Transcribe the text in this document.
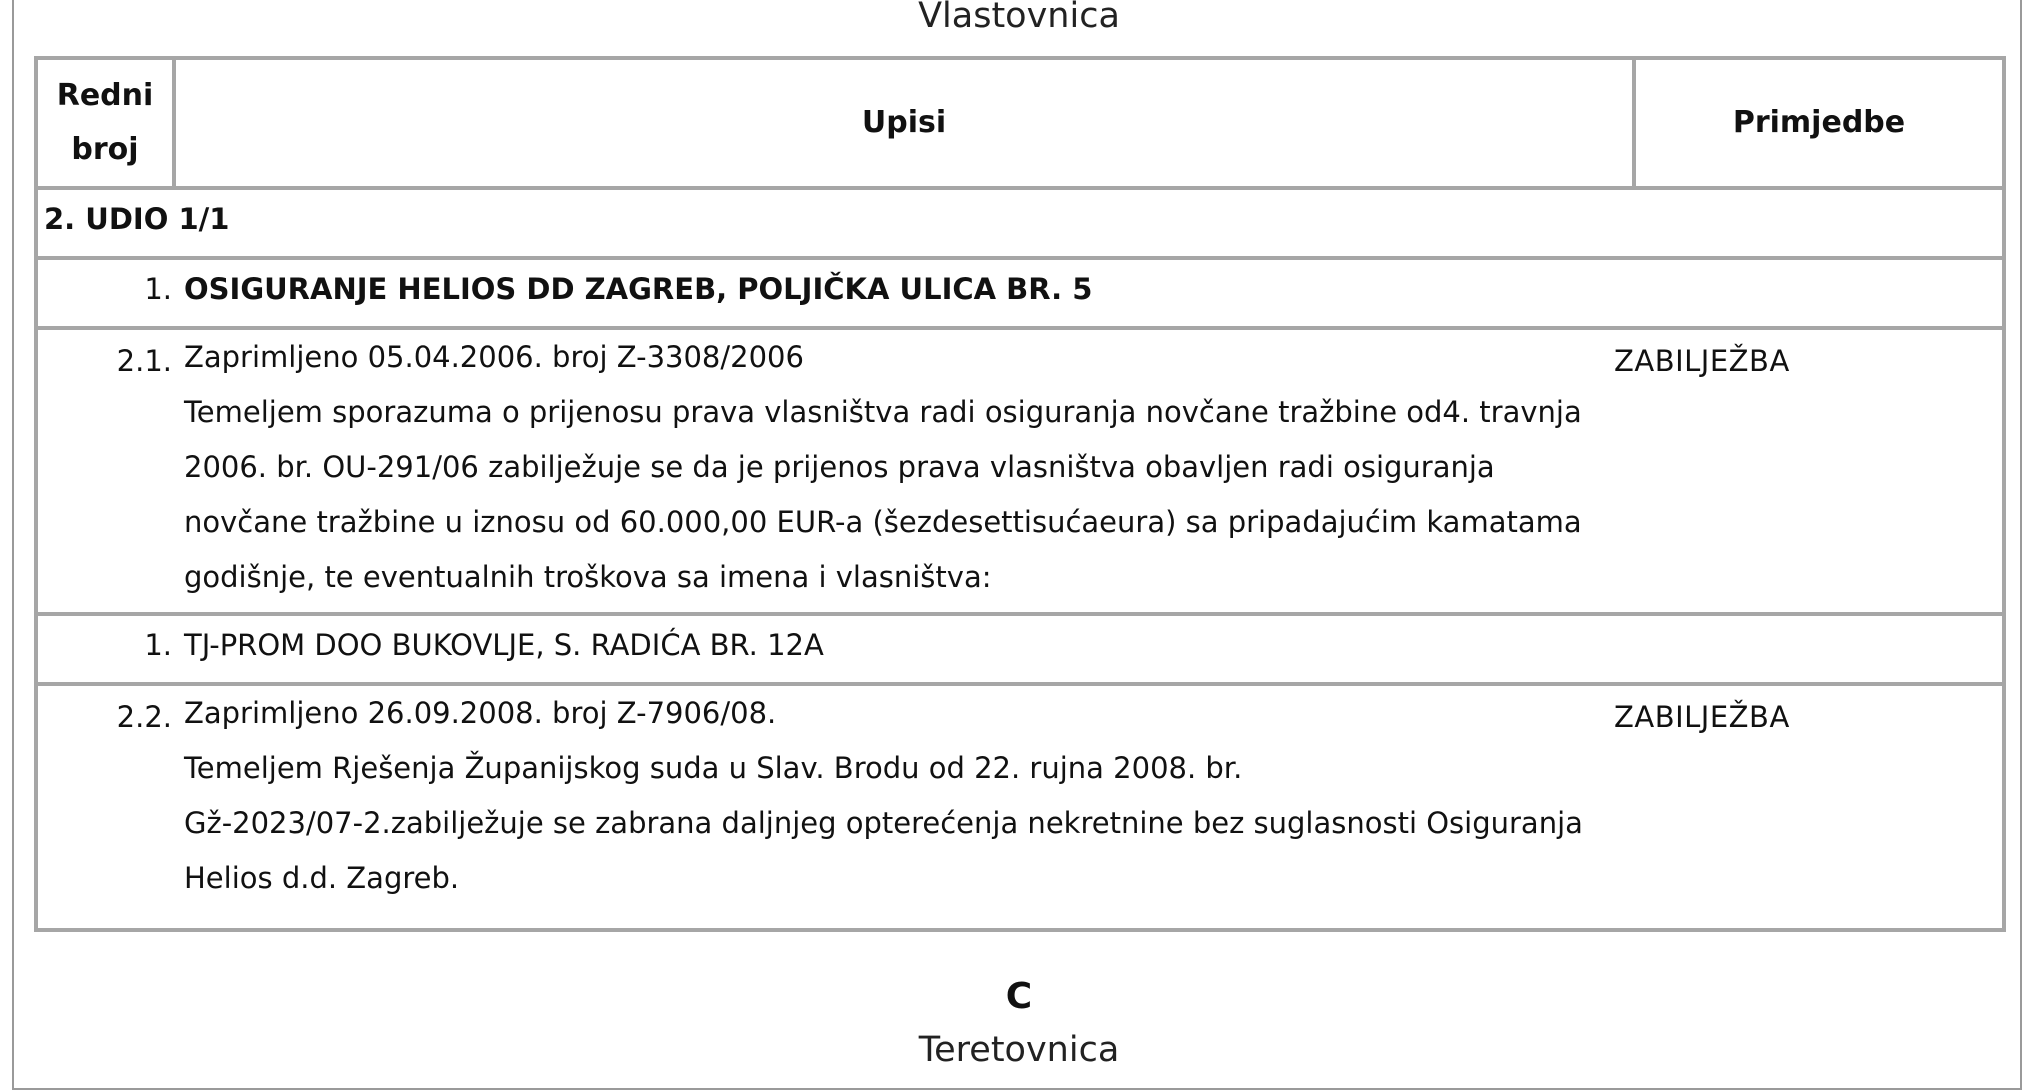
Vlastovnica
Redni
broj
Upisi	Primjedbe
2. UDIO 1/1
1. OSIGURANJE HELIOS DD ZAGREB, POLJIČKA ULICA BR. 5
2.1. Zaprimljeno 05.04.2006. broj Z-3308/2006
Temeljem sporazuma o prijenosu prava vlasništva radi osiguranja novčane tražbine od4. travnja
2006. br. OU-291/06 zabilježuje se da je prijenos prava vlasništva obavljen radi osiguranja
novčane tražbine u iznosu od 60.000,00 EUR-a (šezdesettisućaeura) sa pripadajućim kamatama
godišnje, te eventualnih troškova sa imena i vlasništva:
ZABILJEŽBA
1. TJ-PROM DOO BUKOVLJE, S. RADIĆA BR. 12A
2.2. Zaprimljeno 26.09.2008. broj Z-7906/08.
Temeljem Rješenja Županijskog suda u Slav. Brodu od 22. rujna 2008. br.
Gž-2023/07-2.zabilježuje se zabrana daljnjeg opterećenja nekretnine bez suglasnosti Osiguranja
Helios d.d. Zagreb.
ZABILJEŽBA
C
Teretovnica
